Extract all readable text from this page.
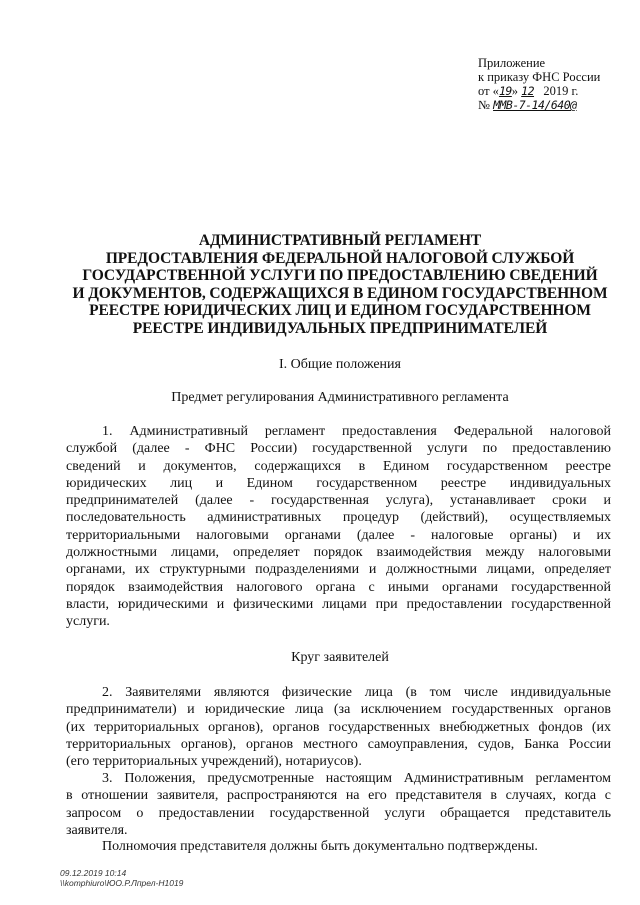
Приложение
к приказу ФНС России
от «19» 12 2019 г.
№ ММВ-7-14/640@
АДМИНИСТРАТИВНЫЙ РЕГЛАМЕНТ
ПРЕДОСТАВЛЕНИЯ ФЕДЕРАЛЬНОЙ НАЛОГОВОЙ СЛУЖБОЙ
ГОСУДАРСТВЕННОЙ УСЛУГИ ПО ПРЕДОСТАВЛЕНИЮ СВЕДЕНИЙ
И ДОКУМЕНТОВ, СОДЕРЖАЩИХСЯ В ЕДИНОМ ГОСУДАРСТВЕННОМ
РЕЕСТРЕ ЮРИДИЧЕСКИХ ЛИЦ И ЕДИНОМ ГОСУДАРСТВЕННОМ
РЕЕСТРЕ ИНДИВИДУАЛЬНЫХ ПРЕДПРИНИМАТЕЛЕЙ
I. Общие положения
Предмет регулирования Административного регламента
1. Административный регламент предоставления Федеральной налоговой
службой (далее - ФНС России) государственной услуги по предоставлению
сведений и документов, содержащихся в Едином государственном реестре
юридических лиц и Едином государственном реестре индивидуальных
предпринимателей (далее - государственная услуга), устанавливает сроки и
последовательность административных процедур (действий), осуществляемых
территориальными налоговыми органами (далее - налоговые органы) и их
должностными лицами, определяет порядок взаимодействия между налоговыми
органами, их структурными подразделениями и должностными лицами, определяет
порядок взаимодействия налогового органа с иными органами государственной
власти, юридическими и физическими лицами при предоставлении государственной
услуги.
Круг заявителей
2. Заявителями являются физические лица (в том числе индивидуальные
предприниматели) и юридические лица (за исключением государственных органов
(их территориальных органов), органов государственных внебюджетных фондов (их
территориальных органов), органов местного самоуправления, судов, Банка России
(его территориальных учреждений), нотариусов).
3. Положения, предусмотренные настоящим Административным регламентом
в отношении заявителя, распространяются на его представителя в случаях, когда с
запросом о предоставлении государственной услуги обращается представитель
заявителя.
Полномочия представителя должны быть документально подтверждены.
09.12.2019 10:14
\\komphiuro\ЮО.Р.Лпрел-Н1019
